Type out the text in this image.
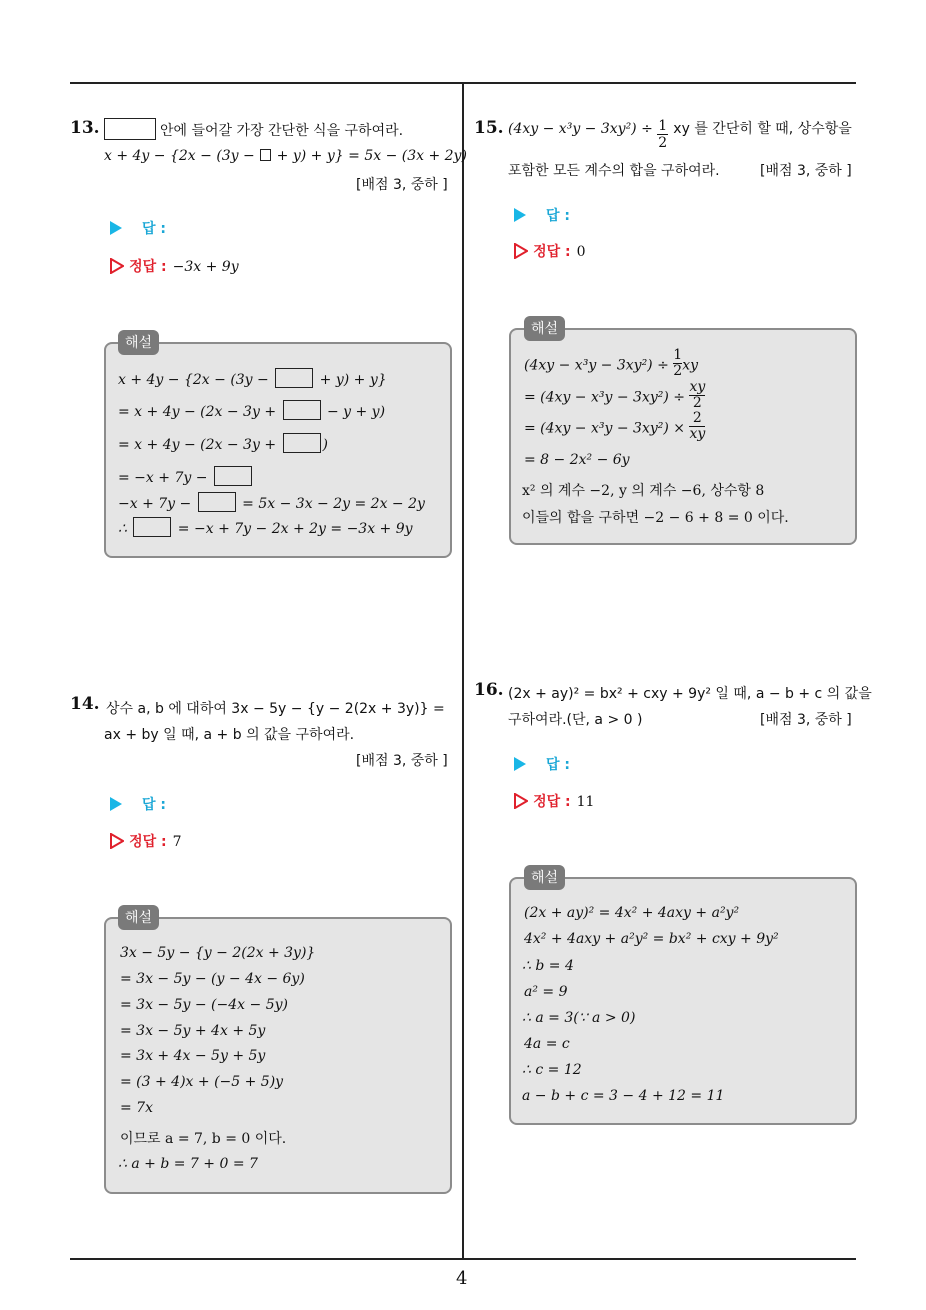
4
13.	안에 들어갈 가장 간단한 식을 구하여라.
x + 4y − {2x − (3y −  + y) + y} = 5x − (3x + 2y)
[배점 3, 중하 ]
답 :
정답 : −3x + 9y
해설
x + 4y − {2x − (3y −	+ y) + y}
= x + 4y − (2x − 3y +	− y + y)
= x + 4y − (2x − 3y +	)
= −x + 7y −
−x + 7y −	= 5x − 3x − 2y = 2x − 2y
∴	= −x + 7y − 2x + 2y = −3x + 9y
14. 상수 a, b 에 대하여 3x − 5y − {y − 2(2x + 3y)} =
ax + by 일 때, a + b 의 값을 구하여라.
[배점 3, 중하 ]
답 :
정답 : 7
해설
3x − 5y − {y − 2(2x + 3y)}
= 3x − 5y − (y − 4x − 6y)
= 3x − 5y − (−4x − 5y)
= 3x − 5y + 4x + 5y
= 3x + 4x − 5y + 5y
= (3 + 4)x + (−5 + 5)y
= 7x
이므로 a = 7, b = 0 이다.
∴ a + b = 7 + 0 = 7
15. $(4xy - x^3y - 3xy^2) \div \frac{1}{2}$ xy 를 간단히 할 때, 상수항을
포함한 모든 계수의 합을 구하여라.	[배점 3, 중하 ]
답 :
정답 : 0
해설
$(4xy - x^3y - 3xy^2) \div \frac{1}{2}$ xy
= $(4xy - x^3y - 3xy^2) \div \frac{xy}{2}$
= $(4xy - x^3y - 3xy^2) \times \frac{2}{xy}$
= 8 − 2x² − 6y
x² 의 계수 −2, y 의 계수 −6, 상수항 8
이들의 합을 구하면 −2 − 6 + 8 = 0 이다.
16. (2x + ay)² = bx² + cxy + 9y² 일 때, a − b + c 의 값을
구하여라.(단, a > 0 )	[배점 3, 중하 ]
답 :
정답 : 11
해설
(2x + ay)² = 4x² + 4axy + a²y²
4x² + 4axy + a²y² = bx² + cxy + 9y²
∴ b = 4
a² = 9
∴ a = 3(∵ a > 0)
4a = c
∴ c = 12
a − b + c = 3 − 4 + 12 = 11
